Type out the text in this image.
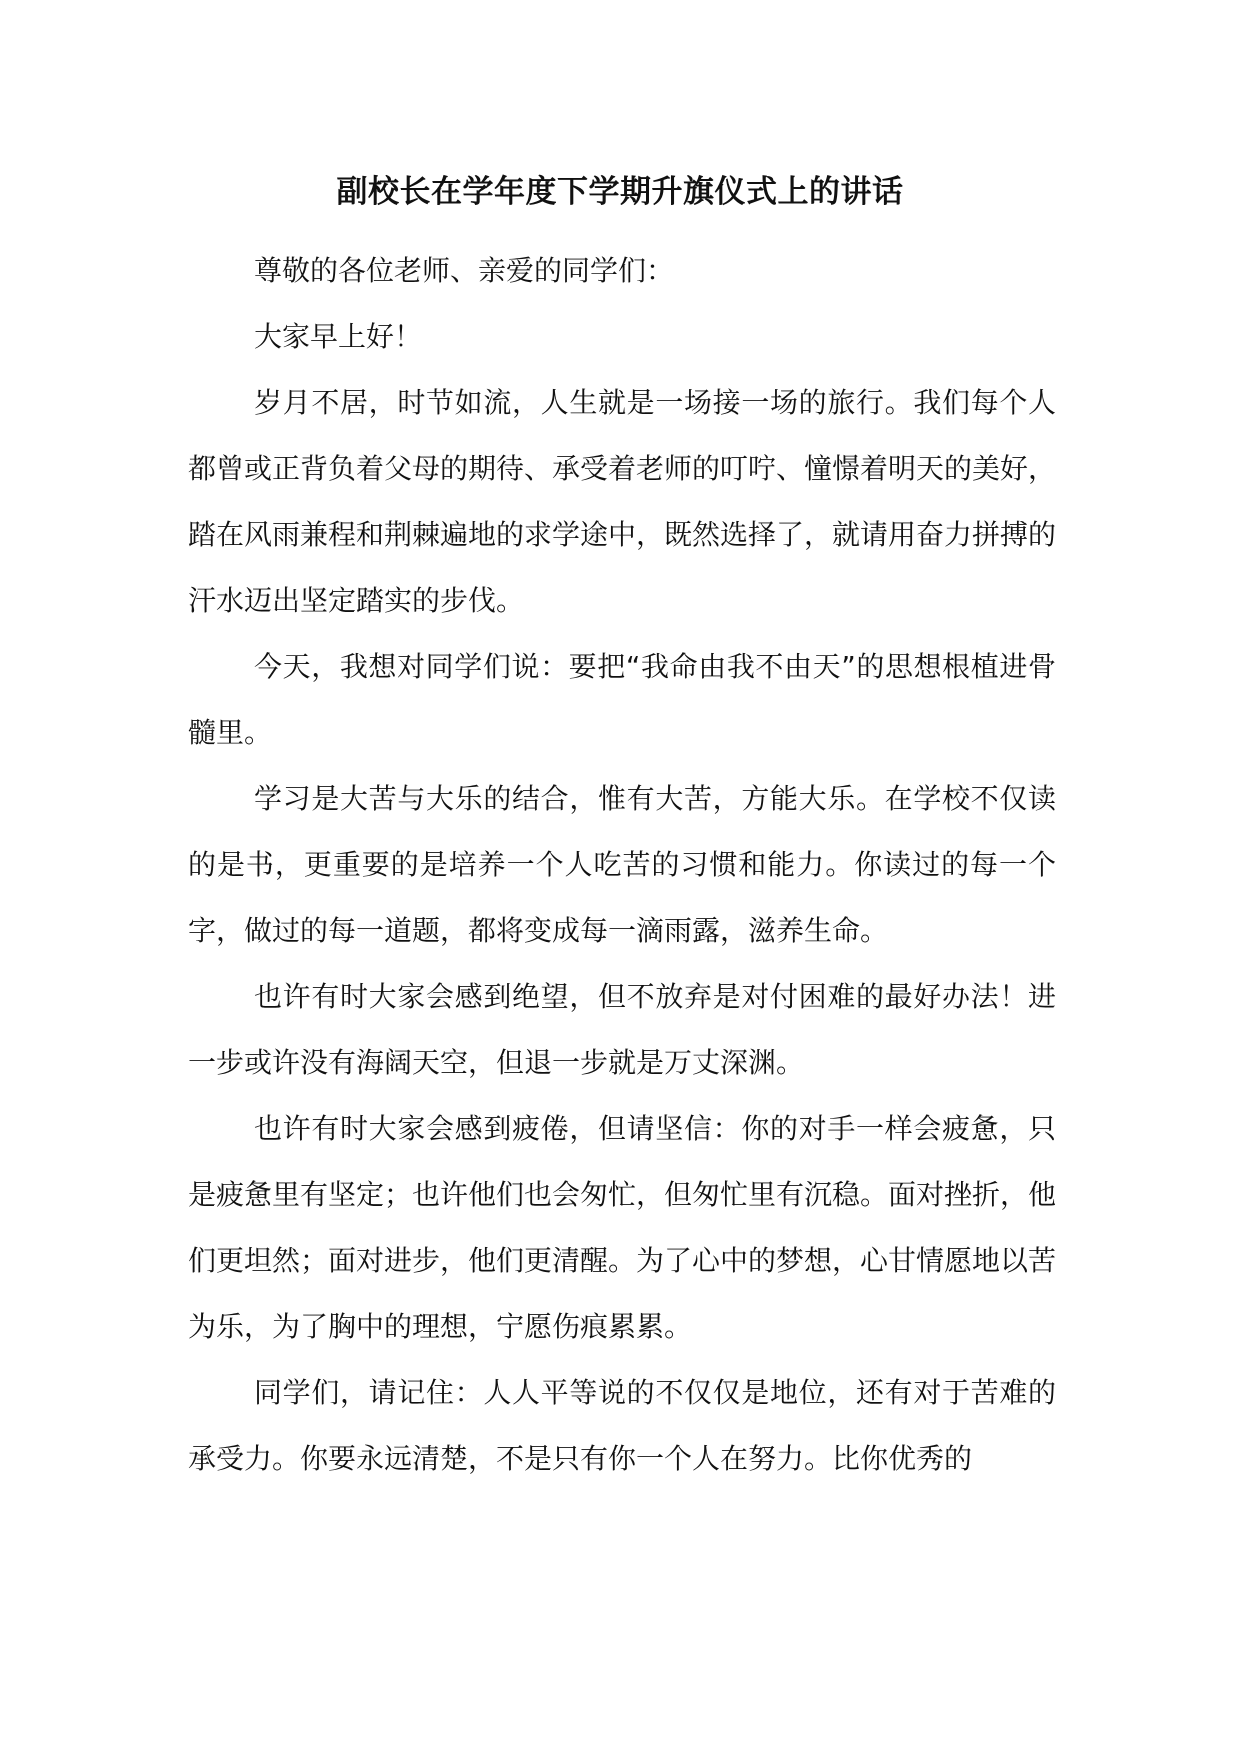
副校长在学年度下学期升旗仪式上的讲话

尊敬的各位老师、亲爱的同学们：

大家早上好！

岁月不居，时节如流，人生就是一场接一场的旅行。我们每个人都曾或正背负着父母的期待、承受着老师的叮咛、憧憬着明天的美好，踏在风雨兼程和荆棘遍地的求学途中，既然选择了，就请用奋力拼搏的汗水迈出坚定踏实的步伐。

今天，我想对同学们说：要把“我命由我不由天”的思想根植进骨髓里。

学习是大苦与大乐的结合，惟有大苦，方能大乐。在学校不仅读的是书，更重要的是培养一个人吃苦的习惯和能力。你读过的每一个字，做过的每一道题，都将变成每一滴雨露，滋养生命。

也许有时大家会感到绝望，但不放弃是对付困难的最好办法！进一步或许没有海阔天空，但退一步就是万丈深渊。

也许有时大家会感到疲倦，但请坚信：你的对手一样会疲惫，只是疲惫里有坚定；也许他们也会匆忙，但匆忙里有沉稳。面对挫折，他们更坦然；面对进步，他们更清醒。为了心中的梦想，心甘情愿地以苦为乐，为了胸中的理想，宁愿伤痕累累。

同学们，请记住：人人平等说的不仅仅是地位，还有对于苦难的承受力。你要永远清楚，不是只有你一个人在努力。比你优秀的
